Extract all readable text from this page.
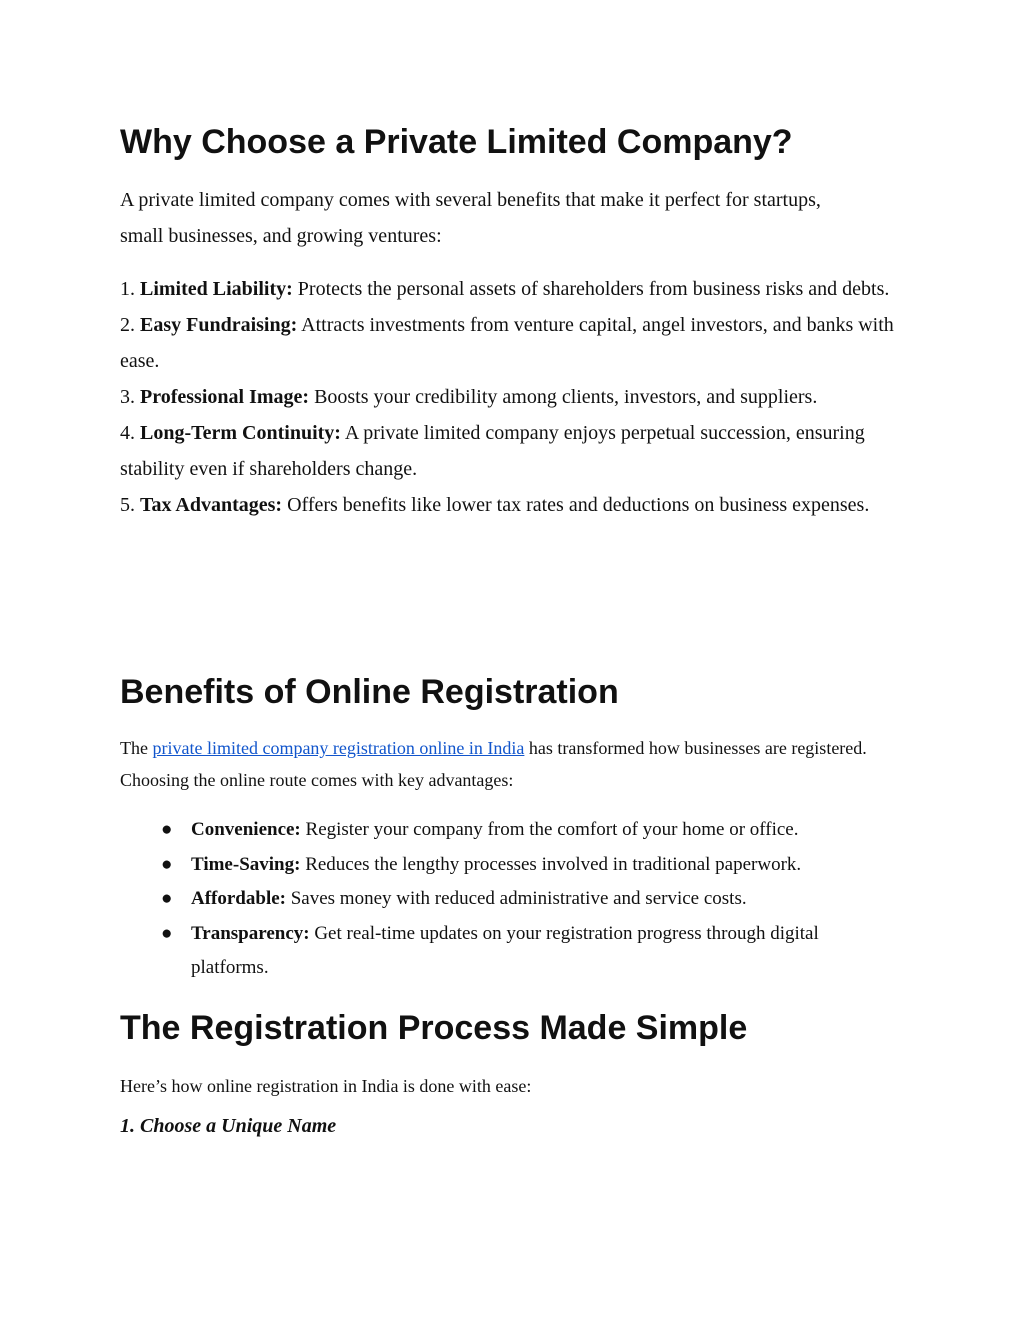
Why Choose a Private Limited Company?

A private limited company comes with several benefits that make it perfect for startups, small businesses, and growing ventures:

1. Limited Liability: Protects the personal assets of shareholders from business risks and debts.
2. Easy Fundraising: Attracts investments from venture capital, angel investors, and banks with ease.
3. Professional Image: Boosts your credibility among clients, investors, and suppliers.
4. Long-Term Continuity: A private limited company enjoys perpetual succession, ensuring stability even if shareholders change.
5. Tax Advantages: Offers benefits like lower tax rates and deductions on business expenses.

Benefits of Online Registration

The private limited company registration online in India has transformed how businesses are registered. Choosing the online route comes with key advantages:

● Convenience: Register your company from the comfort of your home or office.
● Time-Saving: Reduces the lengthy processes involved in traditional paperwork.
● Affordable: Saves money with reduced administrative and service costs.
● Transparency: Get real-time updates on your registration progress through digital platforms.
The Registration Process Made Simple

Here’s how online registration in India is done with ease:

1. Choose a Unique Name
